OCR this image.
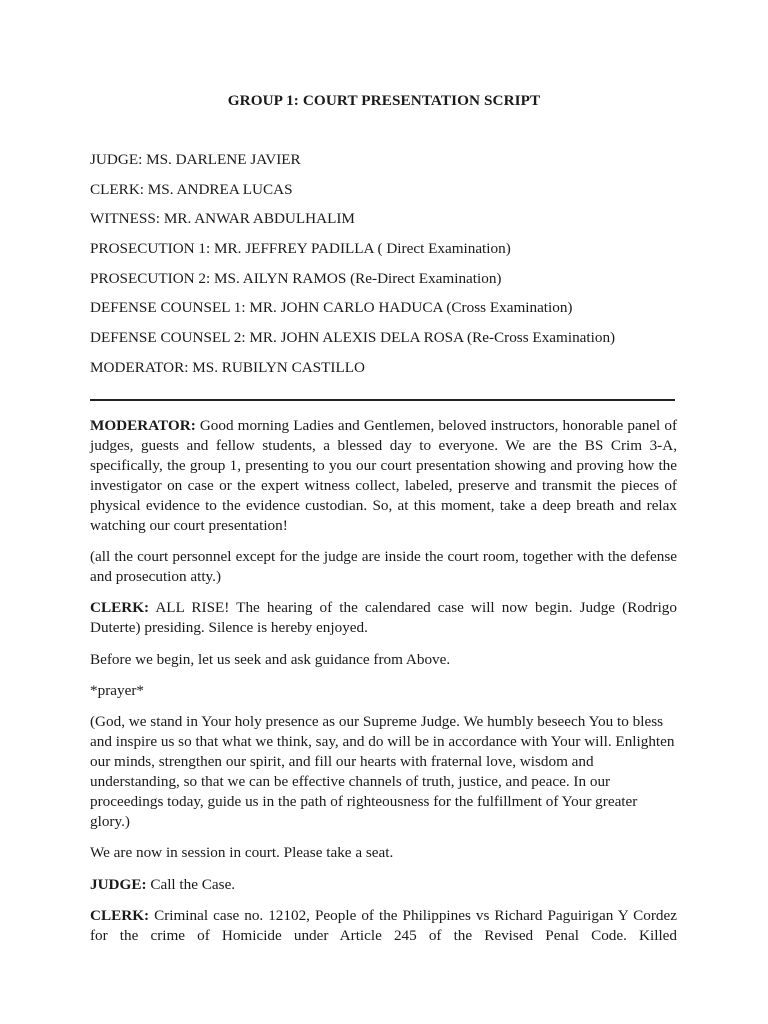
GROUP 1: COURT PRESENTATION SCRIPT
JUDGE: MS. DARLENE JAVIER
CLERK: MS. ANDREA LUCAS
WITNESS: MR. ANWAR ABDULHALIM
PROSECUTION 1: MR. JEFFREY PADILLA ( Direct Examination)
PROSECUTION 2: MS. AILYN RAMOS (Re-Direct Examination)
DEFENSE COUNSEL 1: MR. JOHN CARLO HADUCA (Cross Examination)
DEFENSE COUNSEL 2: MR. JOHN ALEXIS DELA ROSA (Re-Cross Examination)
MODERATOR: MS. RUBILYN CASTILLO

MODERATOR: Good morning Ladies and Gentlemen, beloved instructors, honorable panel of judges, guests and fellow students, a blessed day to everyone. We are the BS Crim 3-A, specifically, the group 1, presenting to you our court presentation showing and proving how the investigator on case or the expert witness collect, labeled, preserve and transmit the pieces of physical evidence to the evidence custodian. So, at this moment, take a deep breath and relax watching our court presentation!

(all the court personnel except for the judge are inside the court room, together with the defense and prosecution atty.)

CLERK: ALL RISE! The hearing of the calendared case will now begin. Judge (Rodrigo Duterte) presiding. Silence is hereby enjoyed.

Before we begin, let us seek and ask guidance from Above.

*prayer*

(God, we stand in Your holy presence as our Supreme Judge. We humbly beseech You to bless and inspire us so that what we think, say, and do will be in accordance with Your will. Enlighten our minds, strengthen our spirit, and fill our hearts with fraternal love, wisdom and understanding, so that we can be effective channels of truth, justice, and peace. In our proceedings today, guide us in the path of righteousness for the fulfillment of Your greater glory.)

We are now in session in court. Please take a seat.

JUDGE: Call the Case.

CLERK: Criminal case no. 12102, People of the Philippines vs Richard Paguirigan Y Cordez for the crime of Homicide under Article 245 of the Revised Penal Code. Killed
